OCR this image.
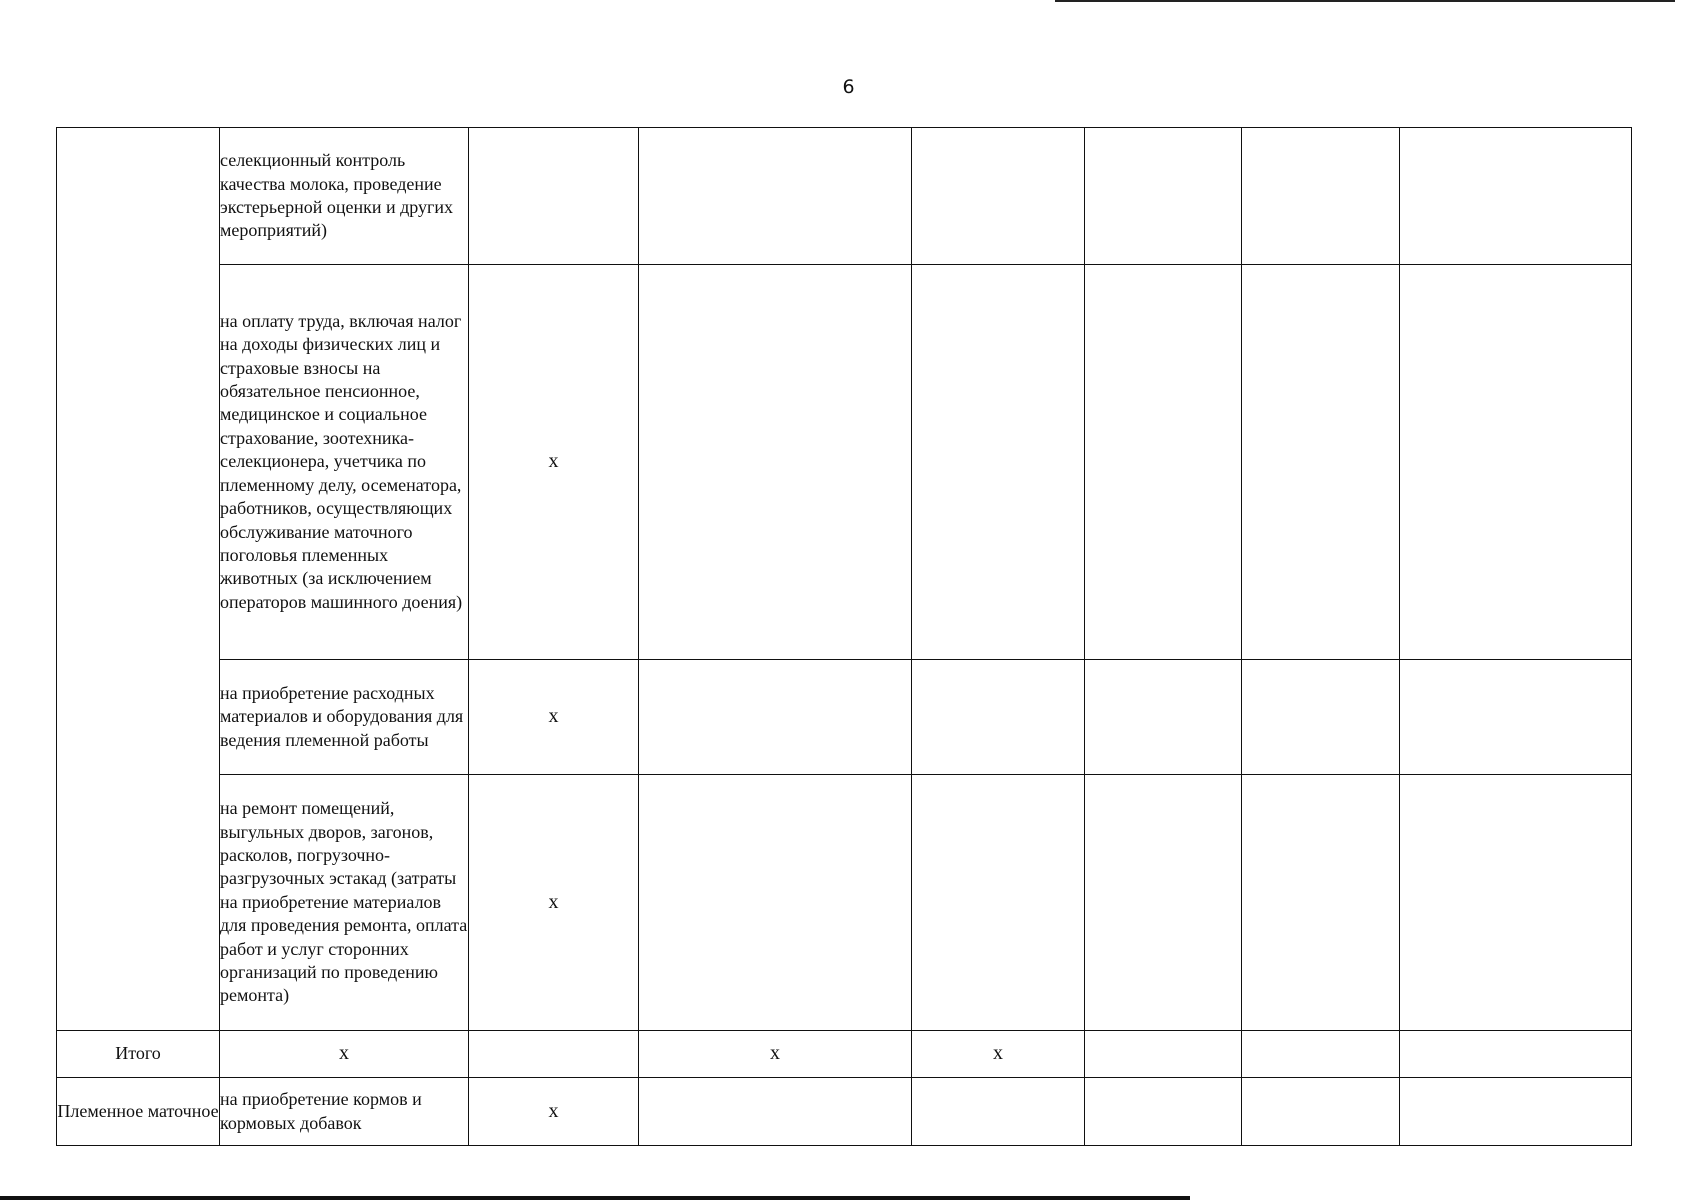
6
	селекционный контроль качества молока, проведение экстерьерной оценки и других мероприятий)						
	на оплату труда, включая налог на доходы физических лиц и страховые взносы на обязательное пенсионное, медицинское и социальное страхование, зоотехника-селекционера, учетчика по племенному делу, осеменатора, работников, осуществляющих обслуживание маточного поголовья племенных животных (за исключением операторов машинного доения)	х					
	на приобретение расходных материалов и оборудования для ведения племенной работы	х					
	на ремонт помещений, выгульных дворов, загонов, расколов, погрузочно-разгрузочных эстакад (затраты на приобретение материалов для проведения ремонта, оплата работ и услуг сторонних организаций по проведению ремонта)	х					
Итого	х		х	х			
Племенное маточное	на приобретение кормов и кормовых добавок	х					
